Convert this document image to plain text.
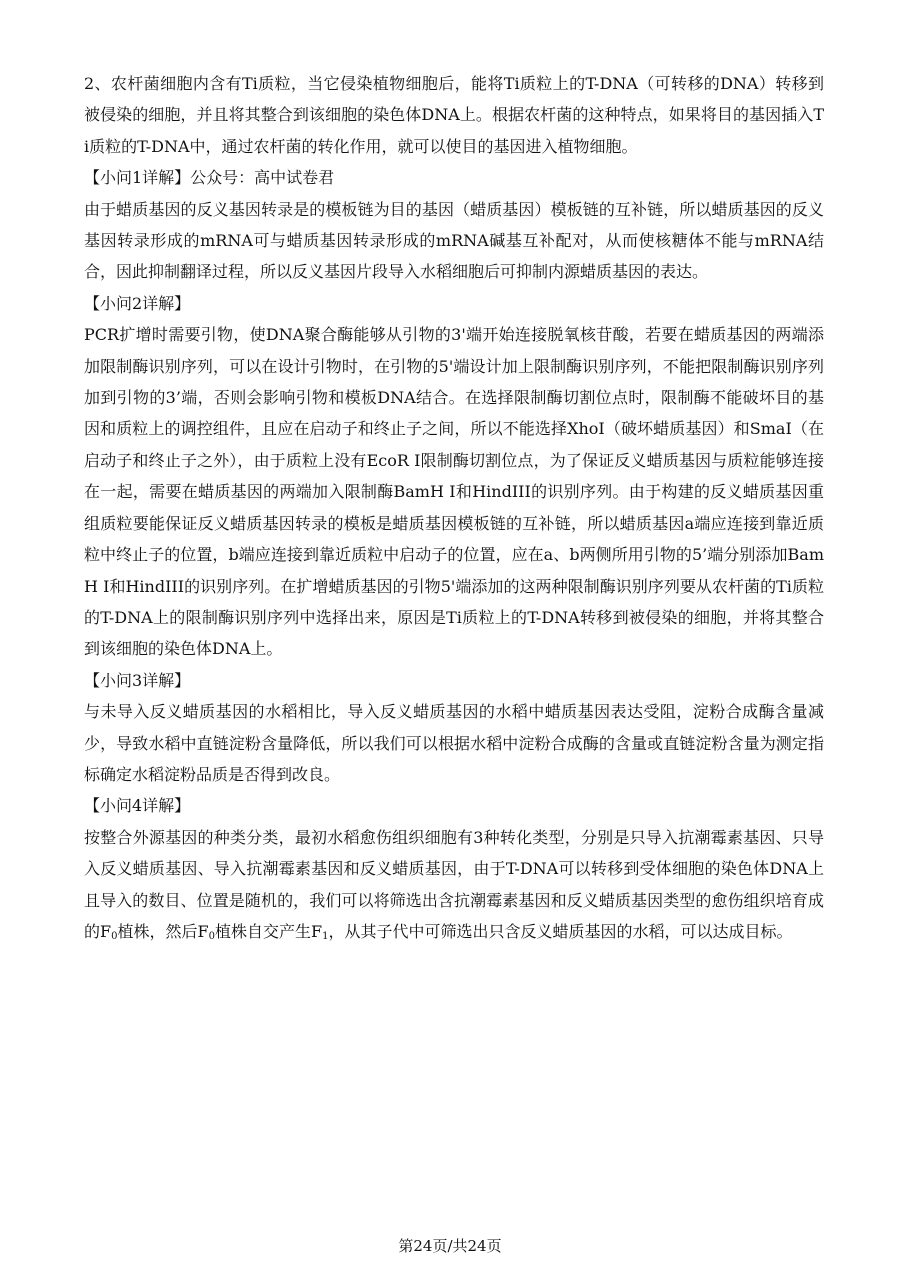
2、农杆菌细胞内含有Ti质粒，当它侵染植物细胞后，能将Ti质粒上的T-DNA（可转移的DNA）转移到被侵染的细胞，并且将其整合到该细胞的染色体DNA上。根据农杆菌的这种特点，如果将目的基因插入Ti质粒的T-DNA中，通过农杆菌的转化作用，就可以使目的基因进入植物细胞。

【小问1详解】公众号：高中试卷君

由于蜡质基因的反义基因转录是的模板链为目的基因（蜡质基因）模板链的互补链，所以蜡质基因的反义基因转录形成的mRNA可与蜡质基因转录形成的mRNA碱基互补配对，从而使核糖体不能与mRNA结合，因此抑制翻译过程，所以反义基因片段导入水稻细胞后可抑制内源蜡质基因的表达。

【小问2详解】

PCR扩增时需要引物，使DNA聚合酶能够从引物的3'端开始连接脱氧核苷酸，若要在蜡质基因的两端添加限制酶识别序列，可以在设计引物时，在引物的5'端设计加上限制酶识别序列，不能把限制酶识别序列加到引物的3’端，否则会影响引物和模板DNA结合。在选择限制酶切割位点时，限制酶不能破坏目的基因和质粒上的调控组件，且应在启动子和终止子之间，所以不能选择XhoI（破坏蜡质基因）和SmaI（在启动子和终止子之外），由于质粒上没有EcoR I限制酶切割位点，为了保证反义蜡质基因与质粒能够连接在一起，需要在蜡质基因的两端加入限制酶BamH I和HindIII的识别序列。由于构建的反义蜡质基因重组质粒要能保证反义蜡质基因转录的模板是蜡质基因模板链的互补链，所以蜡质基因a端应连接到靠近质粒中终止子的位置，b端应连接到靠近质粒中启动子的位置，应在a、b两侧所用引物的5’端分别添加BamH I和HindIII的识别序列。在扩增蜡质基因的引物5'端添加的这两种限制酶识别序列要从农杆菌的Ti质粒的T-DNA上的限制酶识别序列中选择出来，原因是Ti质粒上的T-DNA转移到被侵染的细胞，并将其整合到该细胞的染色体DNA上。

【小问3详解】

与未导入反义蜡质基因的水稻相比，导入反义蜡质基因的水稻中蜡质基因表达受阻，淀粉合成酶含量减少，导致水稻中直链淀粉含量降低，所以我们可以根据水稻中淀粉合成酶的含量或直链淀粉含量为测定指标确定水稻淀粉品质是否得到改良。

【小问4详解】

按整合外源基因的种类分类，最初水稻愈伤组织细胞有3种转化类型，分别是只导入抗潮霉素基因、只导入反义蜡质基因、导入抗潮霉素基因和反义蜡质基因，由于T-DNA可以转移到受体细胞的染色体DNA上且导入的数目、位置是随机的，我们可以将筛选出含抗潮霉素基因和反义蜡质基因类型的愈伤组织培育成的$F_0$植株，然后$F_0$植株自交产生$F_1$，从其子代中可筛选出只含反义蜡质基因的水稻，可以达成目标。

第24页/共24页
